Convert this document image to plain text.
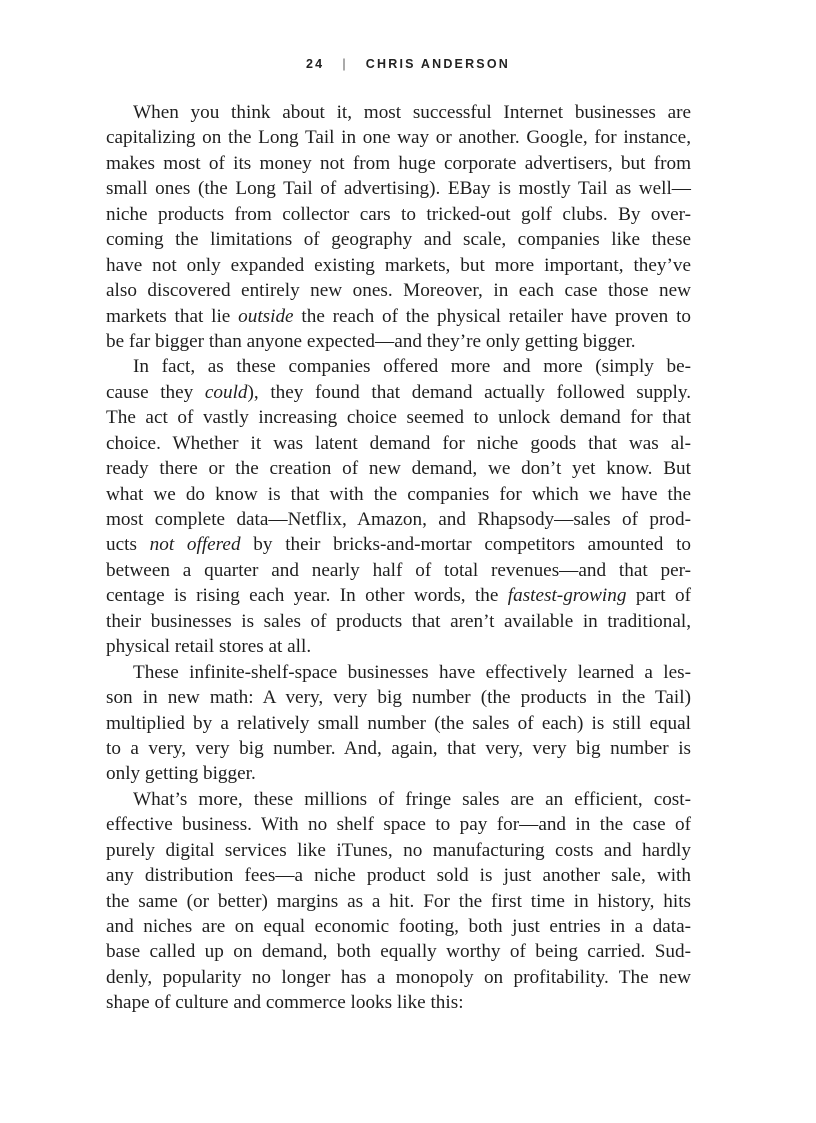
24 | CHRIS ANDERSON
When you think about it, most successful Internet businesses are
capitalizing on the Long Tail in one way or another. Google, for instance,
makes most of its money not from huge corporate advertisers, but from
small ones (the Long Tail of advertising). EBay is mostly Tail as well—
niche products from collector cars to tricked-out golf clubs. By over-
coming the limitations of geography and scale, companies like these
have not only expanded existing markets, but more important, they’ve
also discovered entirely new ones. Moreover, in each case those new
markets that lie outside the reach of the physical retailer have proven to
be far bigger than anyone expected—and they’re only getting bigger.
In fact, as these companies offered more and more (simply be-
cause they could), they found that demand actually followed supply.
The act of vastly increasing choice seemed to unlock demand for that
choice. Whether it was latent demand for niche goods that was al-
ready there or the creation of new demand, we don’t yet know. But
what we do know is that with the companies for which we have the
most complete data—Netflix, Amazon, and Rhapsody—sales of prod-
ucts not offered by their bricks-and-mortar competitors amounted to
between a quarter and nearly half of total revenues—and that per-
centage is rising each year. In other words, the fastest-growing part of
their businesses is sales of products that aren’t available in traditional,
physical retail stores at all.
These infinite-shelf-space businesses have effectively learned a les-
son in new math: A very, very big number (the products in the Tail)
multiplied by a relatively small number (the sales of each) is still equal
to a very, very big number. And, again, that very, very big number is
only getting bigger.
What’s more, these millions of fringe sales are an efficient, cost-
effective business. With no shelf space to pay for—and in the case of
purely digital services like iTunes, no manufacturing costs and hardly
any distribution fees—a niche product sold is just another sale, with
the same (or better) margins as a hit. For the first time in history, hits
and niches are on equal economic footing, both just entries in a data-
base called up on demand, both equally worthy of being carried. Sud-
denly, popularity no longer has a monopoly on profitability. The new
shape of culture and commerce looks like this:
